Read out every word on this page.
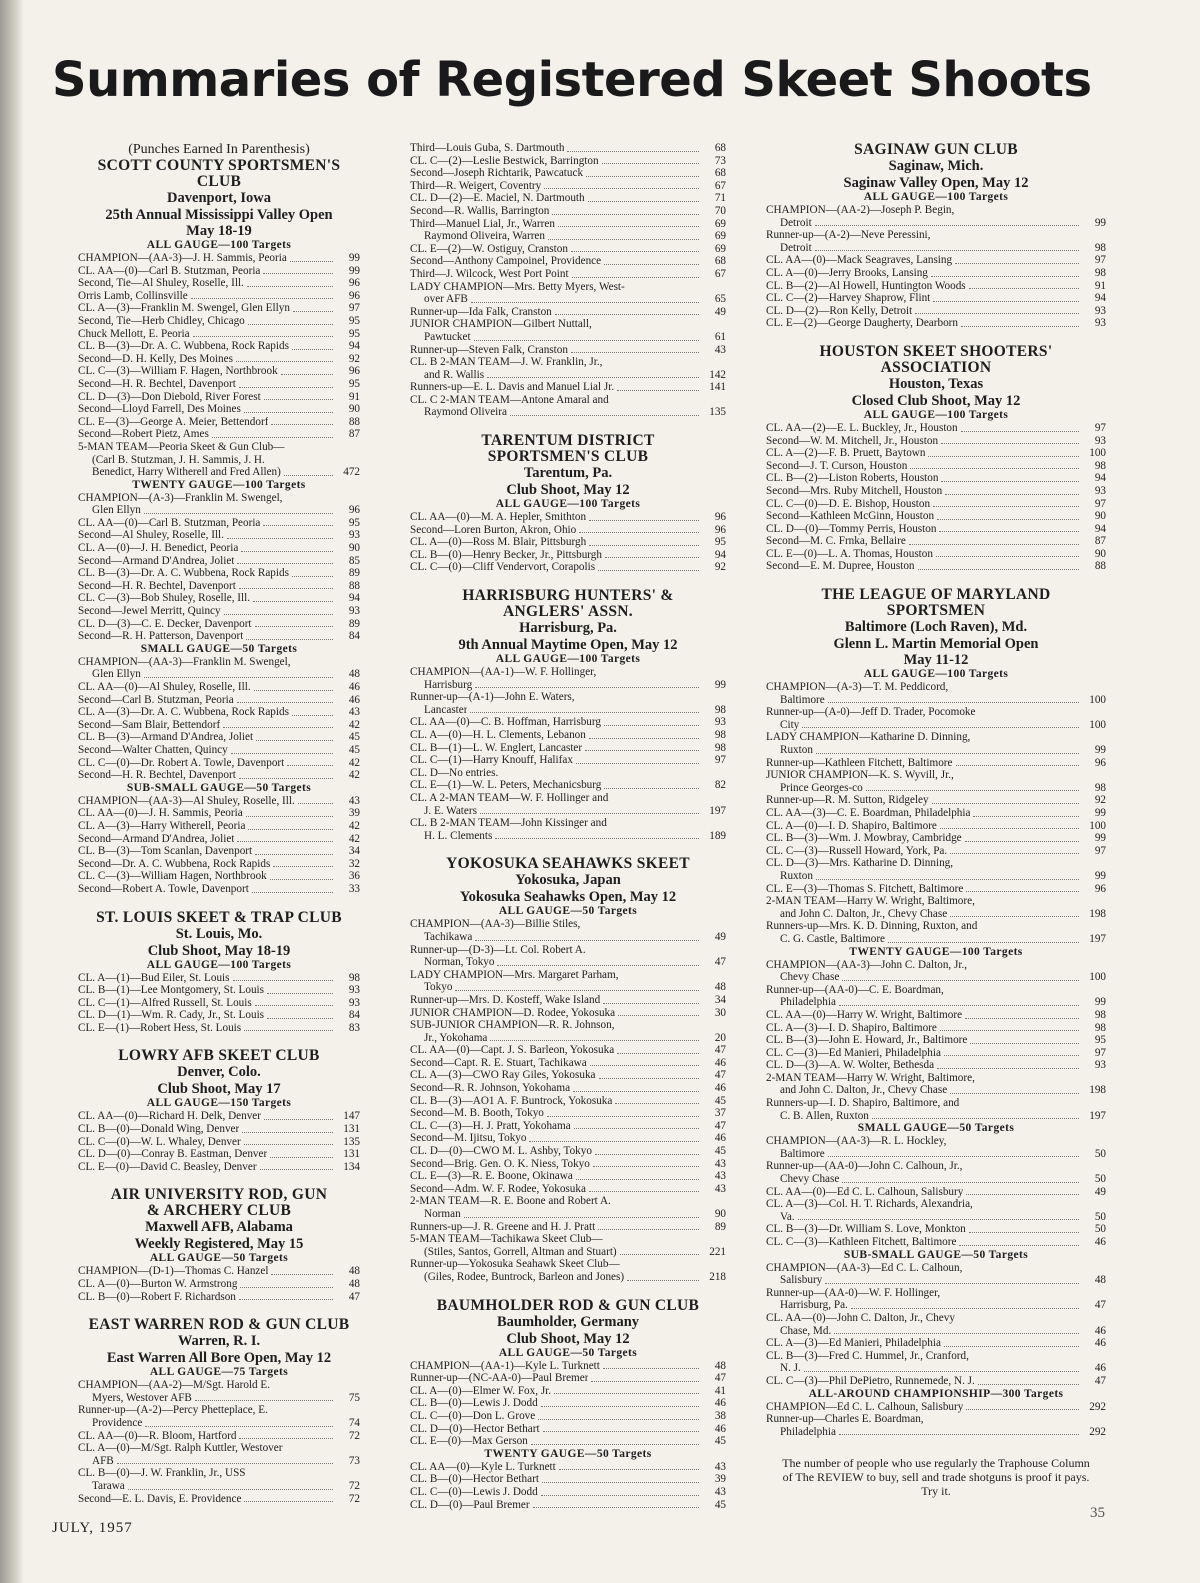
Summaries of Registered Skeet Shoots
(Punches Earned In Parenthesis)
SCOTT COUNTY SPORTSMEN'S
CLUB
Davenport, Iowa
25th Annual Mississippi Valley Open
May 18-19
ALL GAUGE—100 Targets
CHAMPION—(AA-3)—J. H. Sammis, Peoria	99
CL. AA—(0)—Carl B. Stutzman, Peoria	99
Second, Tie—Al Shuley, Roselle, Ill.	96
Orris Lamb, Collinsville	96
CL. A—(3)—Franklin M. Swengel, Glen Ellyn	97
Second, Tie—Herb Chidley, Chicago	95
Chuck Mellott, E. Peoria	95
CL. B—(3)—Dr. A. C. Wubbena, Rock Rapids	94
Second—D. H. Kelly, Des Moines	92
CL. C—(3)—William F. Hagen, Northbrook	96
Second—H. R. Bechtel, Davenport	95
CL. D—(3)—Don Diebold, River Forest	91
Second—Lloyd Farrell, Des Moines	90
CL. E—(3)—George A. Meier, Bettendorf	88
Second—Robert Pietz, Ames	87
5-MAN TEAM—Peoria Skeet & Gun Club—
(Carl B. Stutzman, J. H. Sammis, J. H.
Benedict, Harry Witherell and Fred Allen)	472
TWENTY GAUGE—100 Targets
CHAMPION—(A-3)—Franklin M. Swengel,
Glen Ellyn	96
CL. AA—(0)—Carl B. Stutzman, Peoria	95
Second—Al Shuley, Roselle, Ill.	93
CL. A—(0)—J. H. Benedict, Peoria	90
Second—Armand D'Andrea, Joliet	85
CL. B—(3)—Dr. A. C. Wubbena, Rock Rapids	89
Second—H. R. Bechtel, Davenport	88
CL. C—(3)—Bob Shuley, Roselle, Ill.	94
Second—Jewel Merritt, Quincy	93
CL. D—(3)—C. E. Decker, Davenport	89
Second—R. H. Patterson, Davenport	84
SMALL GAUGE—50 Targets
CHAMPION—(AA-3)—Franklin M. Swengel,
Glen Ellyn	48
CL. AA—(0)—Al Shuley, Roselle, Ill.	46
Second—Carl B. Stutzman, Peoria	46
CL. A—(3)—Dr. A. C. Wubbena, Rock Rapids	43
Second—Sam Blair, Bettendorf	42
CL. B—(3)—Armand D'Andrea, Joliet	45
Second—Walter Chatten, Quincy	45
CL. C—(0)—Dr. Robert A. Towle, Davenport	42
Second—H. R. Bechtel, Davenport	42
SUB-SMALL GAUGE—50 Targets
CHAMPION—(AA-3)—Al Shuley, Roselle, Ill.	43
CL. AA—(0)—J. H. Sammis, Peoria	39
CL. A—(3)—Harry Witherell, Peoria	42
Second—Armand D'Andrea, Joliet	42
CL. B—(3)—Tom Scanlan, Davenport	34
Second—Dr. A. C. Wubbena, Rock Rapids	32
CL. C—(3)—William Hagen, Northbrook	36
Second—Robert A. Towle, Davenport	33
ST. LOUIS SKEET & TRAP CLUB
St. Louis, Mo.
Club Shoot, May 18-19
ALL GAUGE—100 Targets
CL. A—(1)—Bud Eiler, St. Louis	98
CL. B—(1)—Lee Montgomery, St. Louis	93
CL. C—(1)—Alfred Russell, St. Louis	93
CL. D—(1)—Wm. R. Cady, Jr., St. Louis	84
CL. E—(1)—Robert Hess, St. Louis	83
LOWRY AFB SKEET CLUB
Denver, Colo.
Club Shoot, May 17
ALL GAUGE—150 Targets
CL. AA—(0)—Richard H. Delk, Denver	147
CL. B—(0)—Donald Wing, Denver	131
CL. C—(0)—W. L. Whaley, Denver	135
CL. D—(0)—Conray B. Eastman, Denver	131
CL. E—(0)—David C. Beasley, Denver	134
AIR UNIVERSITY ROD, GUN
& ARCHERY CLUB
Maxwell AFB, Alabama
Weekly Registered, May 15
ALL GAUGE—50 Targets
CHAMPION—(D-1)—Thomas C. Hanzel	48
CL. A—(0)—Burton W. Armstrong	48
CL. B—(0)—Robert F. Richardson	47
EAST WARREN ROD & GUN CLUB
Warren, R. I.
East Warren All Bore Open, May 12
ALL GAUGE—75 Targets
CHAMPION—(AA-2)—M/Sgt. Harold E.
Myers, Westover AFB	75
Runner-up—(A-2)—Percy Phetteplace, E.
Providence	74
CL. AA—(0)—R. Bloom, Hartford	72
CL. A—(0)—M/Sgt. Ralph Kuttler, Westover
AFB	73
CL. B—(0)—J. W. Franklin, Jr., USS
Tarawa	72
Second—E. L. Davis, E. Providence	72
Third—Louis Guba, S. Dartmouth	68
CL. C—(2)—Leslie Bestwick, Barrington	73
Second—Joseph Richtarik, Pawcatuck	68
Third—R. Weigert, Coventry	67
CL. D—(2)—E. Maciel, N. Dartmouth	71
Second—R. Wallis, Barrington	70
Third—Manuel Lial, Jr., Warren	69
Raymond Oliveira, Warren	69
CL. E—(2)—W. Ostiguy, Cranston	69
Second—Anthony Campoinel, Providence	68
Third—J. Wilcock, West Port Point	67
LADY CHAMPION—Mrs. Betty Myers, West-
over AFB	65
Runner-up—Ida Falk, Cranston	49
JUNIOR CHAMPION—Gilbert Nuttall,
Pawtucket	61
Runner-up—Steven Falk, Cranston	43
CL. B 2-MAN TEAM—J. W. Franklin, Jr.,
and R. Wallis	142
Runners-up—E. L. Davis and Manuel Lial Jr.	141
CL. C 2-MAN TEAM—Antone Amaral and
Raymond Oliveira	135
TARENTUM DISTRICT
SPORTSMEN'S CLUB
Tarentum, Pa.
Club Shoot, May 12
ALL GAUGE—100 Targets
CL. AA—(0)—M. A. Hepler, Smithton	96
Second—Loren Burton, Akron, Ohio	96
CL. A—(0)—Ross M. Blair, Pittsburgh	95
CL. B—(0)—Henry Becker, Jr., Pittsburgh	94
CL. C—(0)—Cliff Vendervort, Corapolis	92
HARRISBURG HUNTERS' &
ANGLERS' ASSN.
Harrisburg, Pa.
9th Annual Maytime Open, May 12
ALL GAUGE—100 Targets
CHAMPION—(AA-1)—W. F. Hollinger,
Harrisburg	99
Runner-up—(A-1)—John E. Waters,
Lancaster	98
CL. AA—(0)—C. B. Hoffman, Harrisburg	93
CL. A—(0)—H. L. Clements, Lebanon	98
CL. B—(1)—L. W. Englert, Lancaster	98
CL. C—(1)—Harry Knouff, Halifax	97
CL. D—No entries.
CL. E—(1)—W. L. Peters, Mechanicsburg	82
CL. A 2-MAN TEAM—W. F. Hollinger and
J. E. Waters	197
CL. B 2-MAN TEAM—John Kissinger and
H. L. Clements	189
YOKOSUKA SEAHAWKS SKEET
Yokosuka, Japan
Yokosuka Seahawks Open, May 12
ALL GAUGE—50 Targets
CHAMPION—(AA-3)—Billie Stiles,
Tachikawa	49
Runner-up—(D-3)—Lt. Col. Robert A.
Norman, Tokyo	47
LADY CHAMPION—Mrs. Margaret Parham,
Tokyo	48
Runner-up—Mrs. D. Kosteff, Wake Island	34
JUNIOR CHAMPION—D. Rodee, Yokosuka	30
SUB-JUNIOR CHAMPION—R. R. Johnson,
Jr., Yokohama	20
CL. AA—(0)—Capt. J. S. Barleon, Yokosuka	47
Second—Capt. R. E. Stuart, Tachikawa	46
CL. A—(3)—CWO Ray Giles, Yokosuka	47
Second—R. R. Johnson, Yokohama	46
CL. B—(3)—AO1 A. F. Buntrock, Yokosuka	45
Second—M. B. Booth, Tokyo	37
CL. C—(3)—H. J. Pratt, Yokohama	47
Second—M. Ijitsu, Tokyo	46
CL. D—(0)—CWO M. L. Ashby, Tokyo	45
Second—Brig. Gen. O. K. Niess, Tokyo	43
CL. E—(3)—R. E. Boone, Okinawa	43
Second—Adm. W. F. Rodee, Yokosuka	43
2-MAN TEAM—R. E. Boone and Robert A.
Norman	90
Runners-up—J. R. Greene and H. J. Pratt	89
5-MAN TEAM—Tachikawa Skeet Club—
(Stiles, Santos, Gorrell, Altman and Stuart)	221
Runner-up—Yokosuka Seahawk Skeet Club—
(Giles, Rodee, Buntrock, Barleon and Jones)	218
BAUMHOLDER ROD & GUN CLUB
Baumholder, Germany
Club Shoot, May 12
ALL GAUGE—50 Targets
CHAMPION—(AA-1)—Kyle L. Turknett	48
Runner-up—(NC-AA-0)—Paul Bremer	47
CL. A—(0)—Elmer W. Fox, Jr.	41
CL. B—(0)—Lewis J. Dodd	46
CL. C—(0)—Don L. Grove	38
CL. D—(0)—Hector Bethart	46
CL. E—(0)—Max Gerson	45
TWENTY GAUGE—50 Targets
CL. AA—(0)—Kyle L. Turknett	43
CL. B—(0)—Hector Bethart	39
CL. C—(0)—Lewis J. Dodd	43
CL. D—(0)—Paul Bremer	45
SAGINAW GUN CLUB
Saginaw, Mich.
Saginaw Valley Open, May 12
ALL GAUGE—100 Targets
CHAMPION—(AA-2)—Joseph P. Begin,
Detroit	99
Runner-up—(A-2)—Neve Peressini,
Detroit	98
CL. AA—(0)—Mack Seagraves, Lansing	97
CL. A—(0)—Jerry Brooks, Lansing	98
CL. B—(2)—Al Howell, Huntington Woods	91
CL. C—(2)—Harvey Shaprow, Flint	94
CL. D—(2)—Ron Kelly, Detroit	93
CL. E—(2)—George Daugherty, Dearborn	93
HOUSTON SKEET SHOOTERS'
ASSOCIATION
Houston, Texas
Closed Club Shoot, May 12
ALL GAUGE—100 Targets
CL. AA—(2)—E. L. Buckley, Jr., Houston	97
Second—W. M. Mitchell, Jr., Houston	93
CL. A—(2)—F. B. Pruett, Baytown	100
Second—J. T. Curson, Houston	98
CL. B—(2)—Liston Roberts, Houston	94
Second—Mrs. Ruby Mitchell, Houston	93
CL. C—(0)—D. E. Bishop, Houston	97
Second—Kathleen McGinn, Houston	90
CL. D—(0)—Tommy Perris, Houston	94
Second—M. C. Frnka, Bellaire	87
CL. E—(0)—L. A. Thomas, Houston	90
Second—E. M. Dupree, Houston	88
THE LEAGUE OF MARYLAND
SPORTSMEN
Baltimore (Loch Raven), Md.
Glenn L. Martin Memorial Open
May 11-12
ALL GAUGE—100 Targets
CHAMPION—(A-3)—T. M. Peddicord,
Baltimore	100
Runner-up—(A-0)—Jeff D. Trader, Pocomoke
City	100
LADY CHAMPION—Katharine D. Dinning,
Ruxton	99
Runner-up—Kathleen Fitchett, Baltimore	96
JUNIOR CHAMPION—K. S. Wyvill, Jr.,
Prince Georges-co	98
Runner-up—R. M. Sutton, Ridgeley	92
CL. AA—(3)—C. E. Boardman, Philadelphia	99
CL. A—(0)—I. D. Shapiro, Baltimore	100
CL. B—(3)—Wm. J. Mowbray, Cambridge	99
CL. C—(3)—Russell Howard, York, Pa.	97
CL. D—(3)—Mrs. Katharine D. Dinning,
Ruxton	99
CL. E—(3)—Thomas S. Fitchett, Baltimore	96
2-MAN TEAM—Harry W. Wright, Baltimore,
and John C. Dalton, Jr., Chevy Chase	198
Runners-up—Mrs. K. D. Dinning, Ruxton, and
C. G. Castle, Baltimore	197
TWENTY GAUGE—100 Targets
CHAMPION—(AA-3)—John C. Dalton, Jr.,
Chevy Chase	100
Runner-up—(AA-0)—C. E. Boardman,
Philadelphia	99
CL. AA—(0)—Harry W. Wright, Baltimore	98
CL. A—(3)—I. D. Shapiro, Baltimore	98
CL. B—(3)—John E. Howard, Jr., Baltimore	95
CL. C—(3)—Ed Manieri, Philadelphia	97
CL. D—(3)—A. W. Wolter, Bethesda	93
2-MAN TEAM—Harry W. Wright, Baltimore,
and John C. Dalton, Jr., Chevy Chase	198
Runners-up—I. D. Shapiro, Baltimore, and
C. B. Allen, Ruxton	197
SMALL GAUGE—50 Targets
CHAMPION—(AA-3)—R. L. Hockley,
Baltimore	50
Runner-up—(AA-0)—John C. Calhoun, Jr.,
Chevy Chase	50
CL. AA—(0)—Ed C. L. Calhoun, Salisbury	49
CL. A—(3)—Col. H. T. Richards, Alexandria,
Va.	50
CL. B—(3)—Dr. William S. Love, Monkton	50
CL. C—(3)—Kathleen Fitchett, Baltimore	46
SUB-SMALL GAUGE—50 Targets
CHAMPION—(AA-3)—Ed C. L. Calhoun,
Salisbury	48
Runner-up—(AA-0)—W. F. Hollinger,
Harrisburg, Pa.	47
CL. AA—(0)—John C. Dalton, Jr., Chevy
Chase, Md.	46
CL. A—(3)—Ed Manieri, Philadelphia	46
CL. B—(3)—Fred C. Hummel, Jr., Cranford,
N. J.	46
CL. C—(3)—Phil DePietro, Runnemede, N. J.	47
ALL-AROUND CHAMPIONSHIP—300 Targets
CHAMPION—Ed C. L. Calhoun, Salisbury	292
Runner-up—Charles E. Boardman,
Philadelphia	292
The number of people who use regularly the Traphouse Column of The REVIEW to buy, sell and trade shotguns is proof it pays. Try it.
JULY, 1957
35
